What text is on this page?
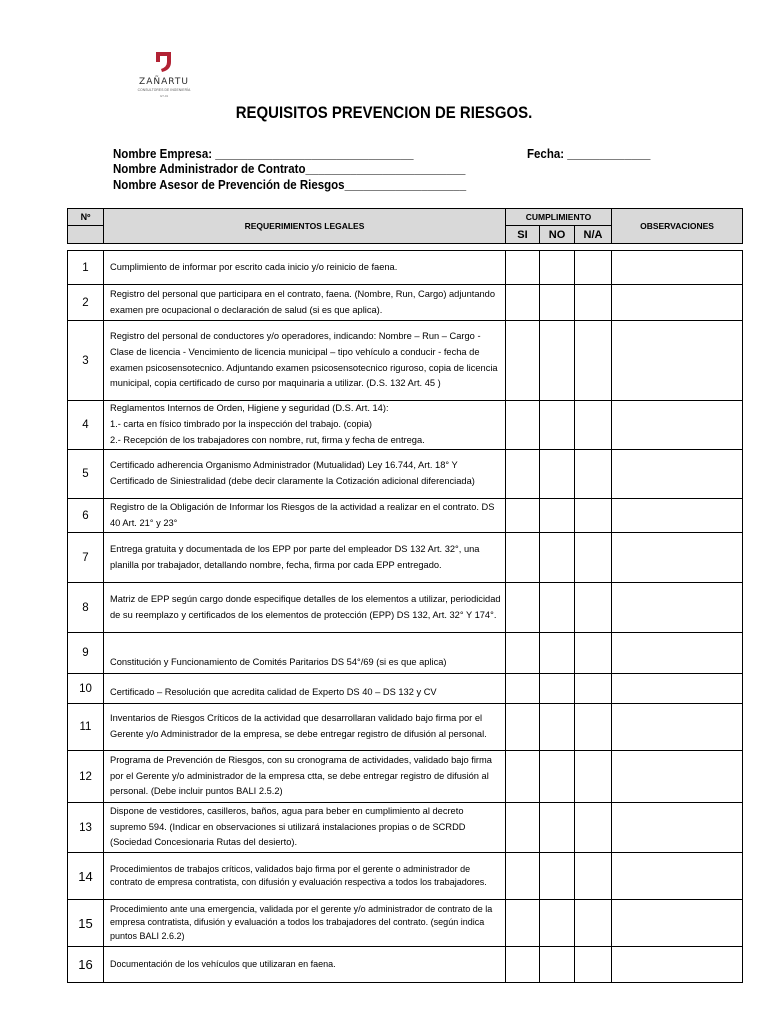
ZAÑARTU
CONSULTORES DE INGENIERÍA
GT-01
REQUISITOS PREVENCION DE RIESGOS.
Nombre Empresa: _______________________________	Fecha: _____________
Nombre Administrador de Contrato_________________________
Nombre Asesor de Prevención de Riesgos___________________
Nº	REQUERIMIENTOS LEGALES	CUMPLIMIENTO			OBSERVACIONES
		SI	NO	N/A	

1	Cumplimiento de informar por escrito cada inicio y/o reinicio de faena.				
2	Registro del personal que participara en el contrato, faena. (Nombre, Run, Cargo) adjuntando examen pre ocupacional o declaración de salud (si es que aplica).				
3	Registro del personal de conductores y/o operadores, indicando: Nombre – Run – Cargo - Clase de licencia - Vencimiento de licencia municipal – tipo vehículo a conducir - fecha de examen psicosensotecnico. Adjuntando examen psicosensotecnico riguroso, copia de licencia municipal, copia certificado de curso por maquinaria a utilizar. (D.S. 132 Art. 45 )				
4	Reglamentos Internos de Orden, Higiene y seguridad (D.S. Art. 14):
1.- carta en físico timbrado por la inspección del trabajo. (copia)
2.- Recepción de los trabajadores con nombre, rut, firma y fecha de entrega.				
5	Certificado adherencia Organismo Administrador (Mutualidad) Ley 16.744, Art. 18° Y Certificado de Siniestralidad (debe decir claramente la Cotización adicional diferenciada)				
6	Registro de la Obligación de Informar los Riesgos de la actividad a realizar en el contrato. DS 40 Art. 21° y 23°				
7	Entrega gratuita y documentada de los EPP por parte del empleador DS 132 Art. 32°, una planilla por trabajador, detallando nombre, fecha, firma por cada EPP entregado.				
8	Matriz de EPP según cargo donde especifique detalles de los elementos a utilizar, periodicidad de su reemplazo y certificados de los elementos de protección (EPP) DS 132, Art. 32° Y 174°.				
9	Constitución y Funcionamiento de Comités Paritarios DS 54°/69 (si es que aplica)				
10	Certificado – Resolución que acredita calidad de Experto DS 40 – DS 132 y CV				
11	Inventarios de Riesgos Críticos de la actividad que desarrollaran validado bajo firma por el Gerente y/o Administrador de la empresa, se debe entregar registro de difusión al personal.				
12	Programa de Prevención de Riesgos, con su cronograma de actividades, validado bajo firma por el Gerente y/o administrador de la empresa ctta, se debe entregar registro de difusión al personal. (Debe incluir puntos BALI 2.5.2)				
13	Dispone de vestidores, casilleros, baños, agua para beber en cumplimiento al decreto supremo 594. (Indicar en observaciones si utilizará instalaciones propias o de SCRDD (Sociedad Concesionaria Rutas del desierto).				
14	Procedimientos de trabajos críticos, validados bajo firma por el gerente o administrador de contrato de empresa contratista, con difusión y evaluación respectiva a todos los trabajadores.				
15	Procedimiento ante una emergencia, validada por el gerente y/o administrador de contrato de la empresa contratista, difusión y evaluación a todos los trabajadores del contrato. (según indica puntos BALI 2.6.2)				
16	Documentación de los vehículos que utilizaran en faena.				
